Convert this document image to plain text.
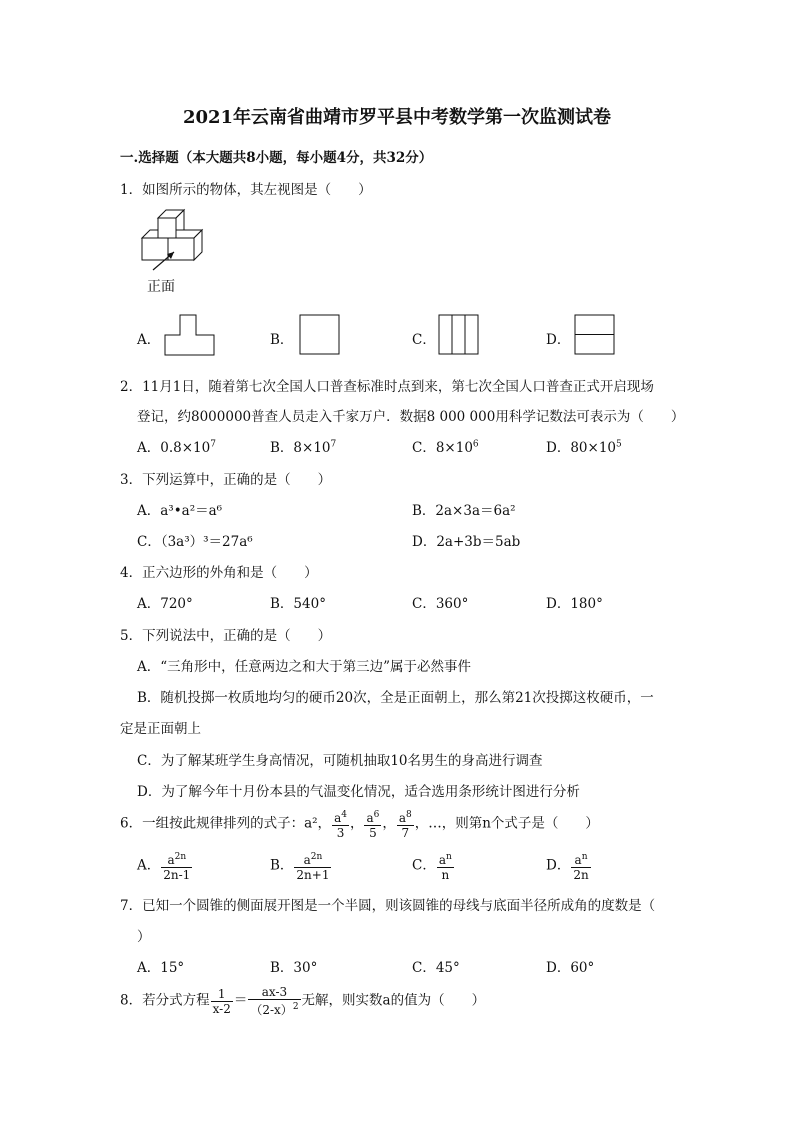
2021年云南省曲靖市罗平县中考数学第一次监测试卷
一.选择题（本大题共8小题，每小题4分，共32分）
1．如图所示的物体，其左视图是（　　）
正面
A．	B．	C．	D．
2．11月1日，随着第七次全国人口普查标准时点到来，第七次全国人口普查正式开启现场
登记，约8000000普查人员走入千家万户．数据8 000 000用科学记数法可表示为（　　）
A．$0.8\times 10^7$	B．$8\times 10^7$	C．$8\times 10^6$	D．$80\times 10^5$
3．下列运算中，正确的是（　　）
A．a³•a²＝a⁶	B．2a×3a＝6a²
C．（3a³）³＝27a⁶	D．2a+3b＝5ab
4．正六边形的外角和是（　　）
A．720°	B．540°	C．360°	D．180°
5．下列说法中，正确的是（　　）
A．“三角形中，任意两边之和大于第三边”属于必然事件
B．随机投掷一枚质地均匀的硬币20次，全是正面朝上，那么第21次投掷这枚硬币，一
定是正面朝上
C．为了解某班学生身高情况，可随机抽取10名男生的身高进行调查
D．为了解今年十月份本县的气温变化情况，适合选用条形统计图进行分析
6．一组按此规律排列的式子：a²， $\frac{a^4}{3}$ ， $\frac{a^6}{5}$ ， $\frac{a^8}{7}$ ，…，则第n个式子是（　　）
A． $\frac{a^{2n}}{2n-1}$	B． $\frac{a^{2n}}{2n+1}$	C． $\frac{a^n}{n}$	D． $\frac{a^n}{2n}$
7．已知一个圆锥的侧面展开图是一个半圆，则该圆锥的母线与底面半径所成角的度数是（
）
A．15°	B．30°	C．45°	D．60°
8．若分式方程 $\frac{1}{x-2} = \frac{ax-3}{(2-x)^2}$ 无解，则实数a的值为（　　）
